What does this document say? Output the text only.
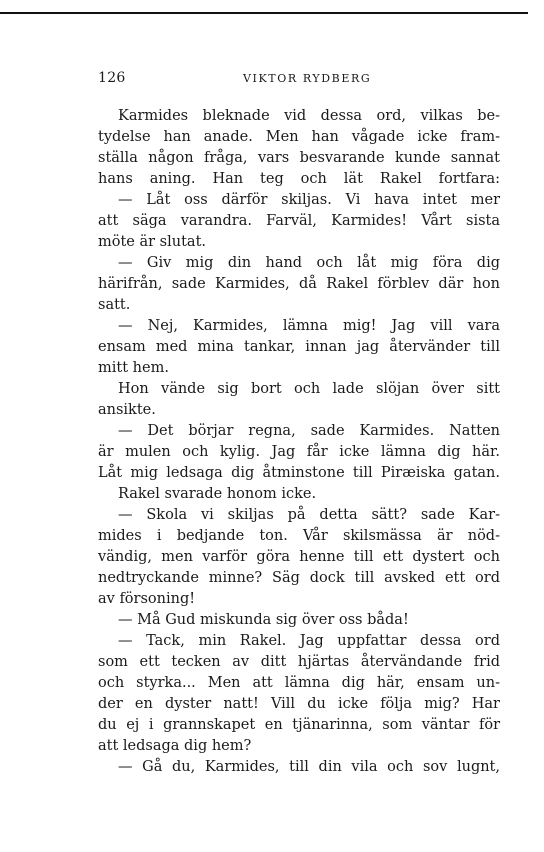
126	VIKTOR RYDBERG
Karmides bleknade vid dessa ord, vilkas be-
tydelse han anade. Men han vågade icke fram-
ställa någon fråga, vars besvarande kunde sannat
hans aning. Han teg och lät Rakel fortfara:
— Låt oss därför skiljas. Vi hava intet mer
att säga varandra. Farväl, Karmides! Vårt sista
möte är slutat.
— Giv mig din hand och låt mig föra dig
härifrån, sade Karmides, då Rakel förblev där hon
satt.
— Nej, Karmides, lämna mig! Jag vill vara
ensam med mina tankar, innan jag återvänder till
mitt hem.
Hon vände sig bort och lade slöjan över sitt
ansikte.
— Det börjar regna, sade Karmides. Natten
är mulen och kylig. Jag får icke lämna dig här.
Låt mig ledsaga dig åtminstone till Piræiska gatan.
Rakel svarade honom icke.
— Skola vi skiljas på detta sätt? sade Kar-
mides i bedjande ton. Vår skilsmässa är nöd-
vändig, men varför göra henne till ett dystert och
nedtryckande minne? Säg dock till avsked ett ord
av försoning!
— Må Gud miskunda sig över oss båda!
— Tack, min Rakel. Jag uppfattar dessa ord
som ett tecken av ditt hjärtas återvändande frid
och styrka... Men att lämna dig här, ensam un-
der en dyster natt! Vill du icke följa mig? Har
du ej i grannskapet en tjänarinna, som väntar för
att ledsaga dig hem?
— Gå du, Karmides, till din vila och sov lugnt,
